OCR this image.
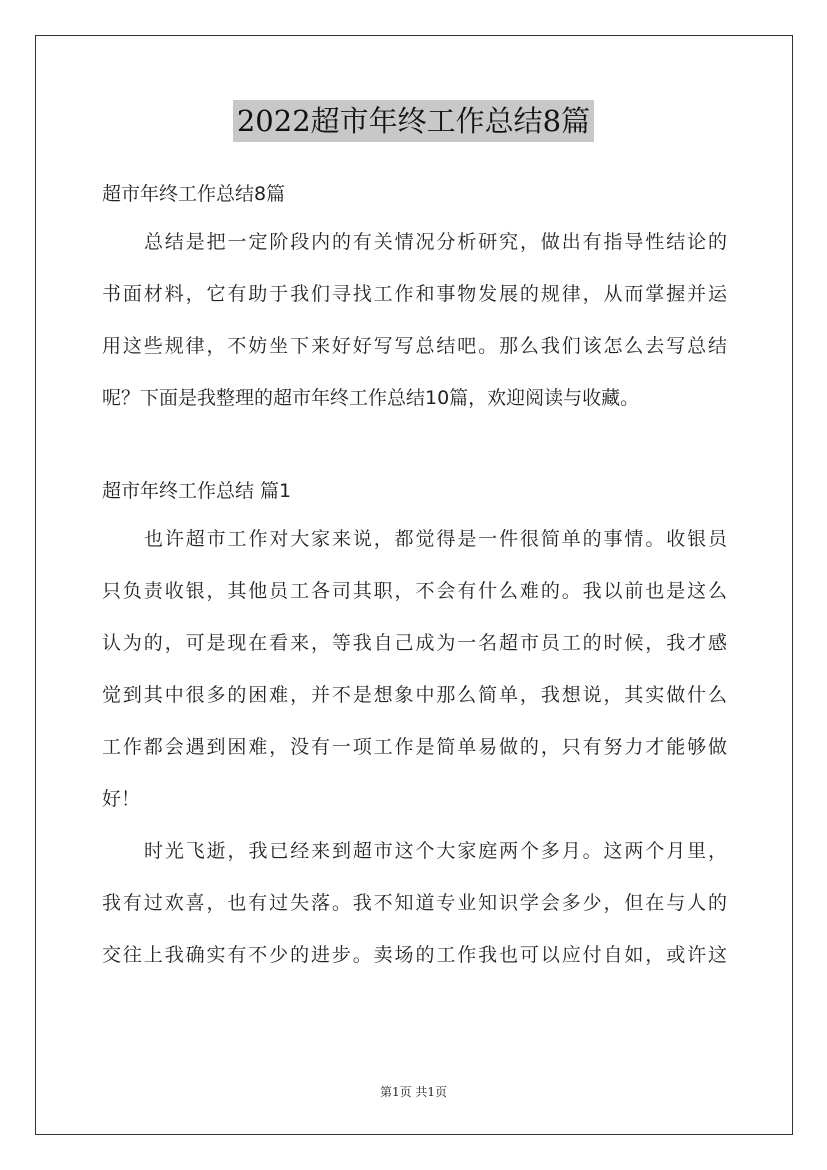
2022超市年终工作总结8篇
超市年终工作总结8篇
总结是把一定阶段内的有关情况分析研究，做出有指导性结论的
书面材料，它有助于我们寻找工作和事物发展的规律，从而掌握并运
用这些规律，不妨坐下来好好写写总结吧。那么我们该怎么去写总结
呢？下面是我整理的超市年终工作总结10篇，欢迎阅读与收藏。
超市年终工作总结 篇1
也许超市工作对大家来说，都觉得是一件很简单的事情。收银员
只负责收银，其他员工各司其职，不会有什么难的。我以前也是这么
认为的，可是现在看来，等我自己成为一名超市员工的时候，我才感
觉到其中很多的困难，并不是想象中那么简单，我想说，其实做什么
工作都会遇到困难，没有一项工作是简单易做的，只有努力才能够做
好！
时光飞逝，我已经来到超市这个大家庭两个多月。这两个月里，
我有过欢喜，也有过失落。我不知道专业知识学会多少，但在与人的
交往上我确实有不少的进步。卖场的工作我也可以应付自如，或许这
第1页 共1页
